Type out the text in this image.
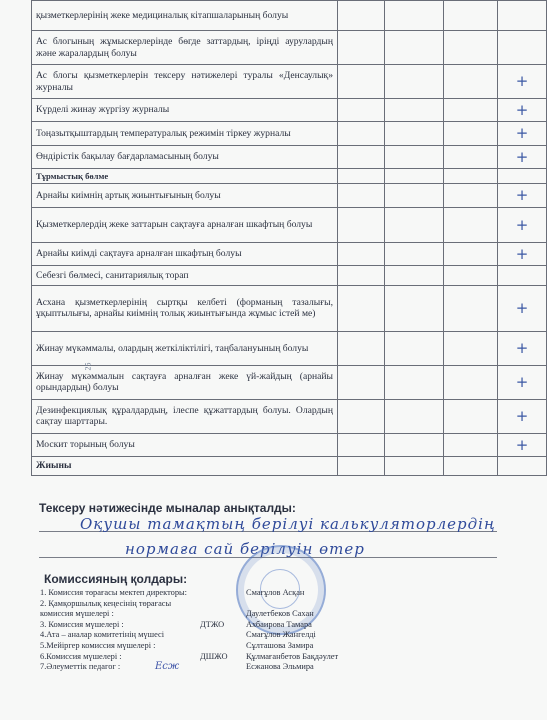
қызметкерлерінің жеке медициналық кітапшаларының болуы				
Ас блогының жұмыскерлерінде бөгде заттардың, іріңді аурулардың және жаралардың болуы				
Ас блогы қызметкерлерін тексеру нәтижелері туралы «Денсаулық» журналы				+
Күрделі жинау жүргізу журналы				+
Тоңазытқыштардың температуралық режимін тіркеу журналы				+
Өндірістік бақылау бағдарламасының болуы				+
Тұрмыстық бөлме				
Арнайы киімнің артық жиынтығының болуы				+
Қызметкерлердің жеке заттарын сақтауға арналған шкафтың болуы				+
Арнайы киімді сақтауға арналған шкафтың болуы				+
Себезгі бөлмесі, санитариялық торап				
Асхана қызметкерлерінің сыртқы келбеті (форманың тазалығы, ұқыптылығы, арнайы киімнің толық жиынтығында жұмыс істей ме)				+
Жинау мүкәммалы, олардың жеткіліктілігі, таңбалануының болуы				+
Жинау мүкәммалын сақтауға арналған жеке үй-жайдың (арнайы орындардың) болуы				+
Дезинфекциялық құралдардың, ілеспе құжаттардың болуы. Олардың сақтау шарттары.				+
Москит торының болуы				+
Жиыны				
25
Тексеру нәтижесінде мыналар анықталды:
Оқушы тамақтың берілуі калькуляторлердің
нормаға сай берілуін өтер
Комиссияның қолдары:
1. Комиссия төрағасы мектеп директоры:	Смағұлов Асқан
2. Қамқоршылық кеңесінің төрағасы
комиссия мүшелері :	Даулетбеков Сахан
3. Комиссия мүшелері :	ДТЖО	Ахбаирова Тамара
4.Ата – аналар комитетінің мүшесі	Смағұлов Жангелді
5.Мейіргер комиссия мүшелері :	Сұлташова Замира
6.Комиссия мүшелері :	ДШЖО Құлмағанбетов Бақдәулет
7.Әлеуметтік педагог :	Есжанова Эльмира
Есж
